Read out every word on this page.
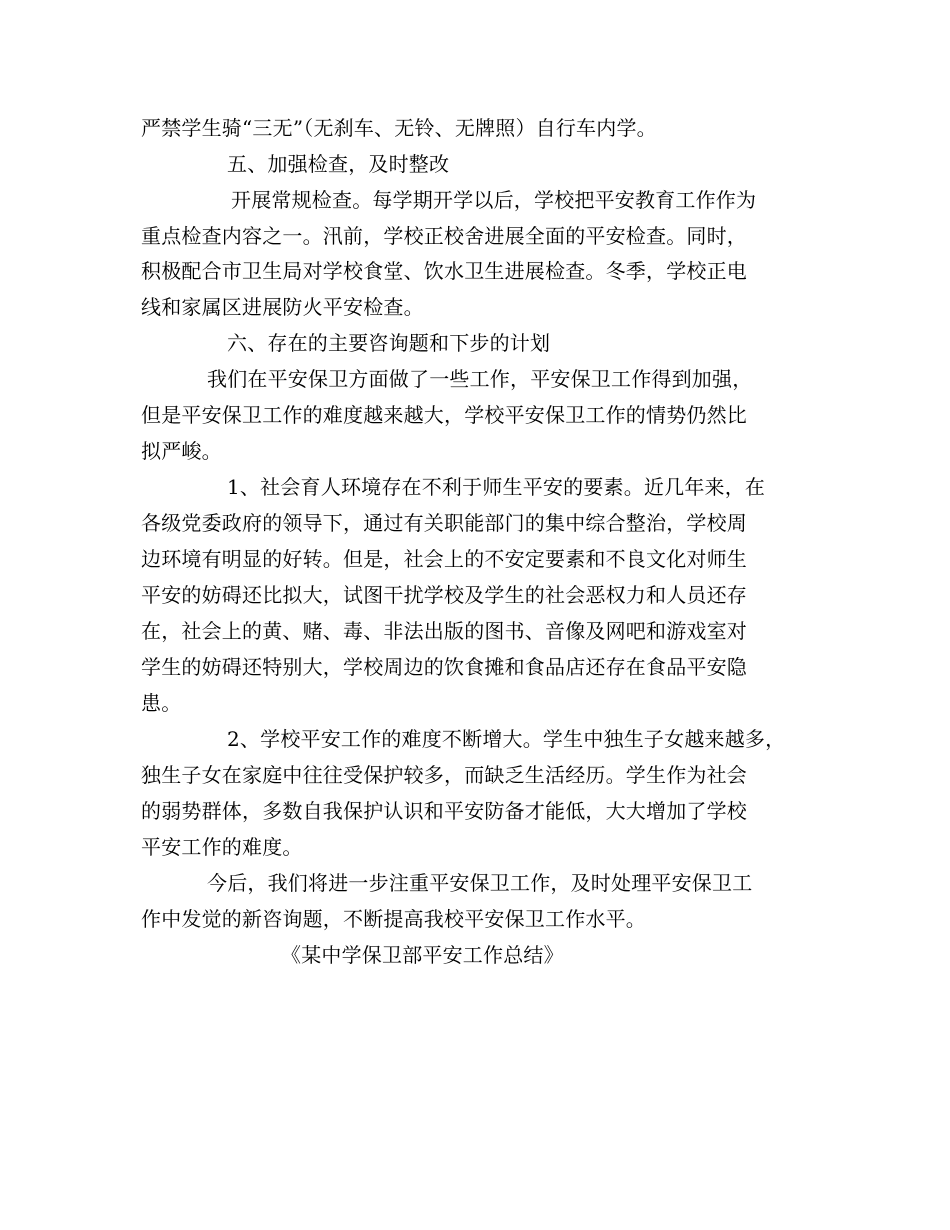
严禁学生骑“三无”（无刹车、无铃、无牌照）自行车内学。
五、加强检查，及时整改
开展常规检查。每学期开学以后，学校把平安教育工作作为
重点检查内容之一。汛前，学校正校舍进展全面的平安检查。同时，
积极配合市卫生局对学校食堂、饮水卫生进展检查。冬季，学校正电
线和家属区进展防火平安检查。
六、存在的主要咨询题和下步的计划
我们在平安保卫方面做了一些工作，平安保卫工作得到加强，
但是平安保卫工作的难度越来越大，学校平安保卫工作的情势仍然比
拟严峻。
1、社会育人环境存在不利于师生平安的要素。近几年来，在
各级党委政府的领导下，通过有关职能部门的集中综合整治，学校周
边环境有明显的好转。但是，社会上的不安定要素和不良文化对师生
平安的妨碍还比拟大，试图干扰学校及学生的社会恶权力和人员还存
在，社会上的黄、赌、毒、非法出版的图书、音像及网吧和游戏室对
学生的妨碍还特别大，学校周边的饮食摊和食品店还存在食品平安隐
患。
2、学校平安工作的难度不断增大。学生中独生子女越来越多，
独生子女在家庭中往往受保护较多，而缺乏生活经历。学生作为社会
的弱势群体，多数自我保护认识和平安防备才能低，大大增加了学校
平安工作的难度。
今后，我们将进一步注重平安保卫工作，及时处理平安保卫工
作中发觉的新咨询题，不断提高我校平安保卫工作水平。
《某中学保卫部平安工作总结》
